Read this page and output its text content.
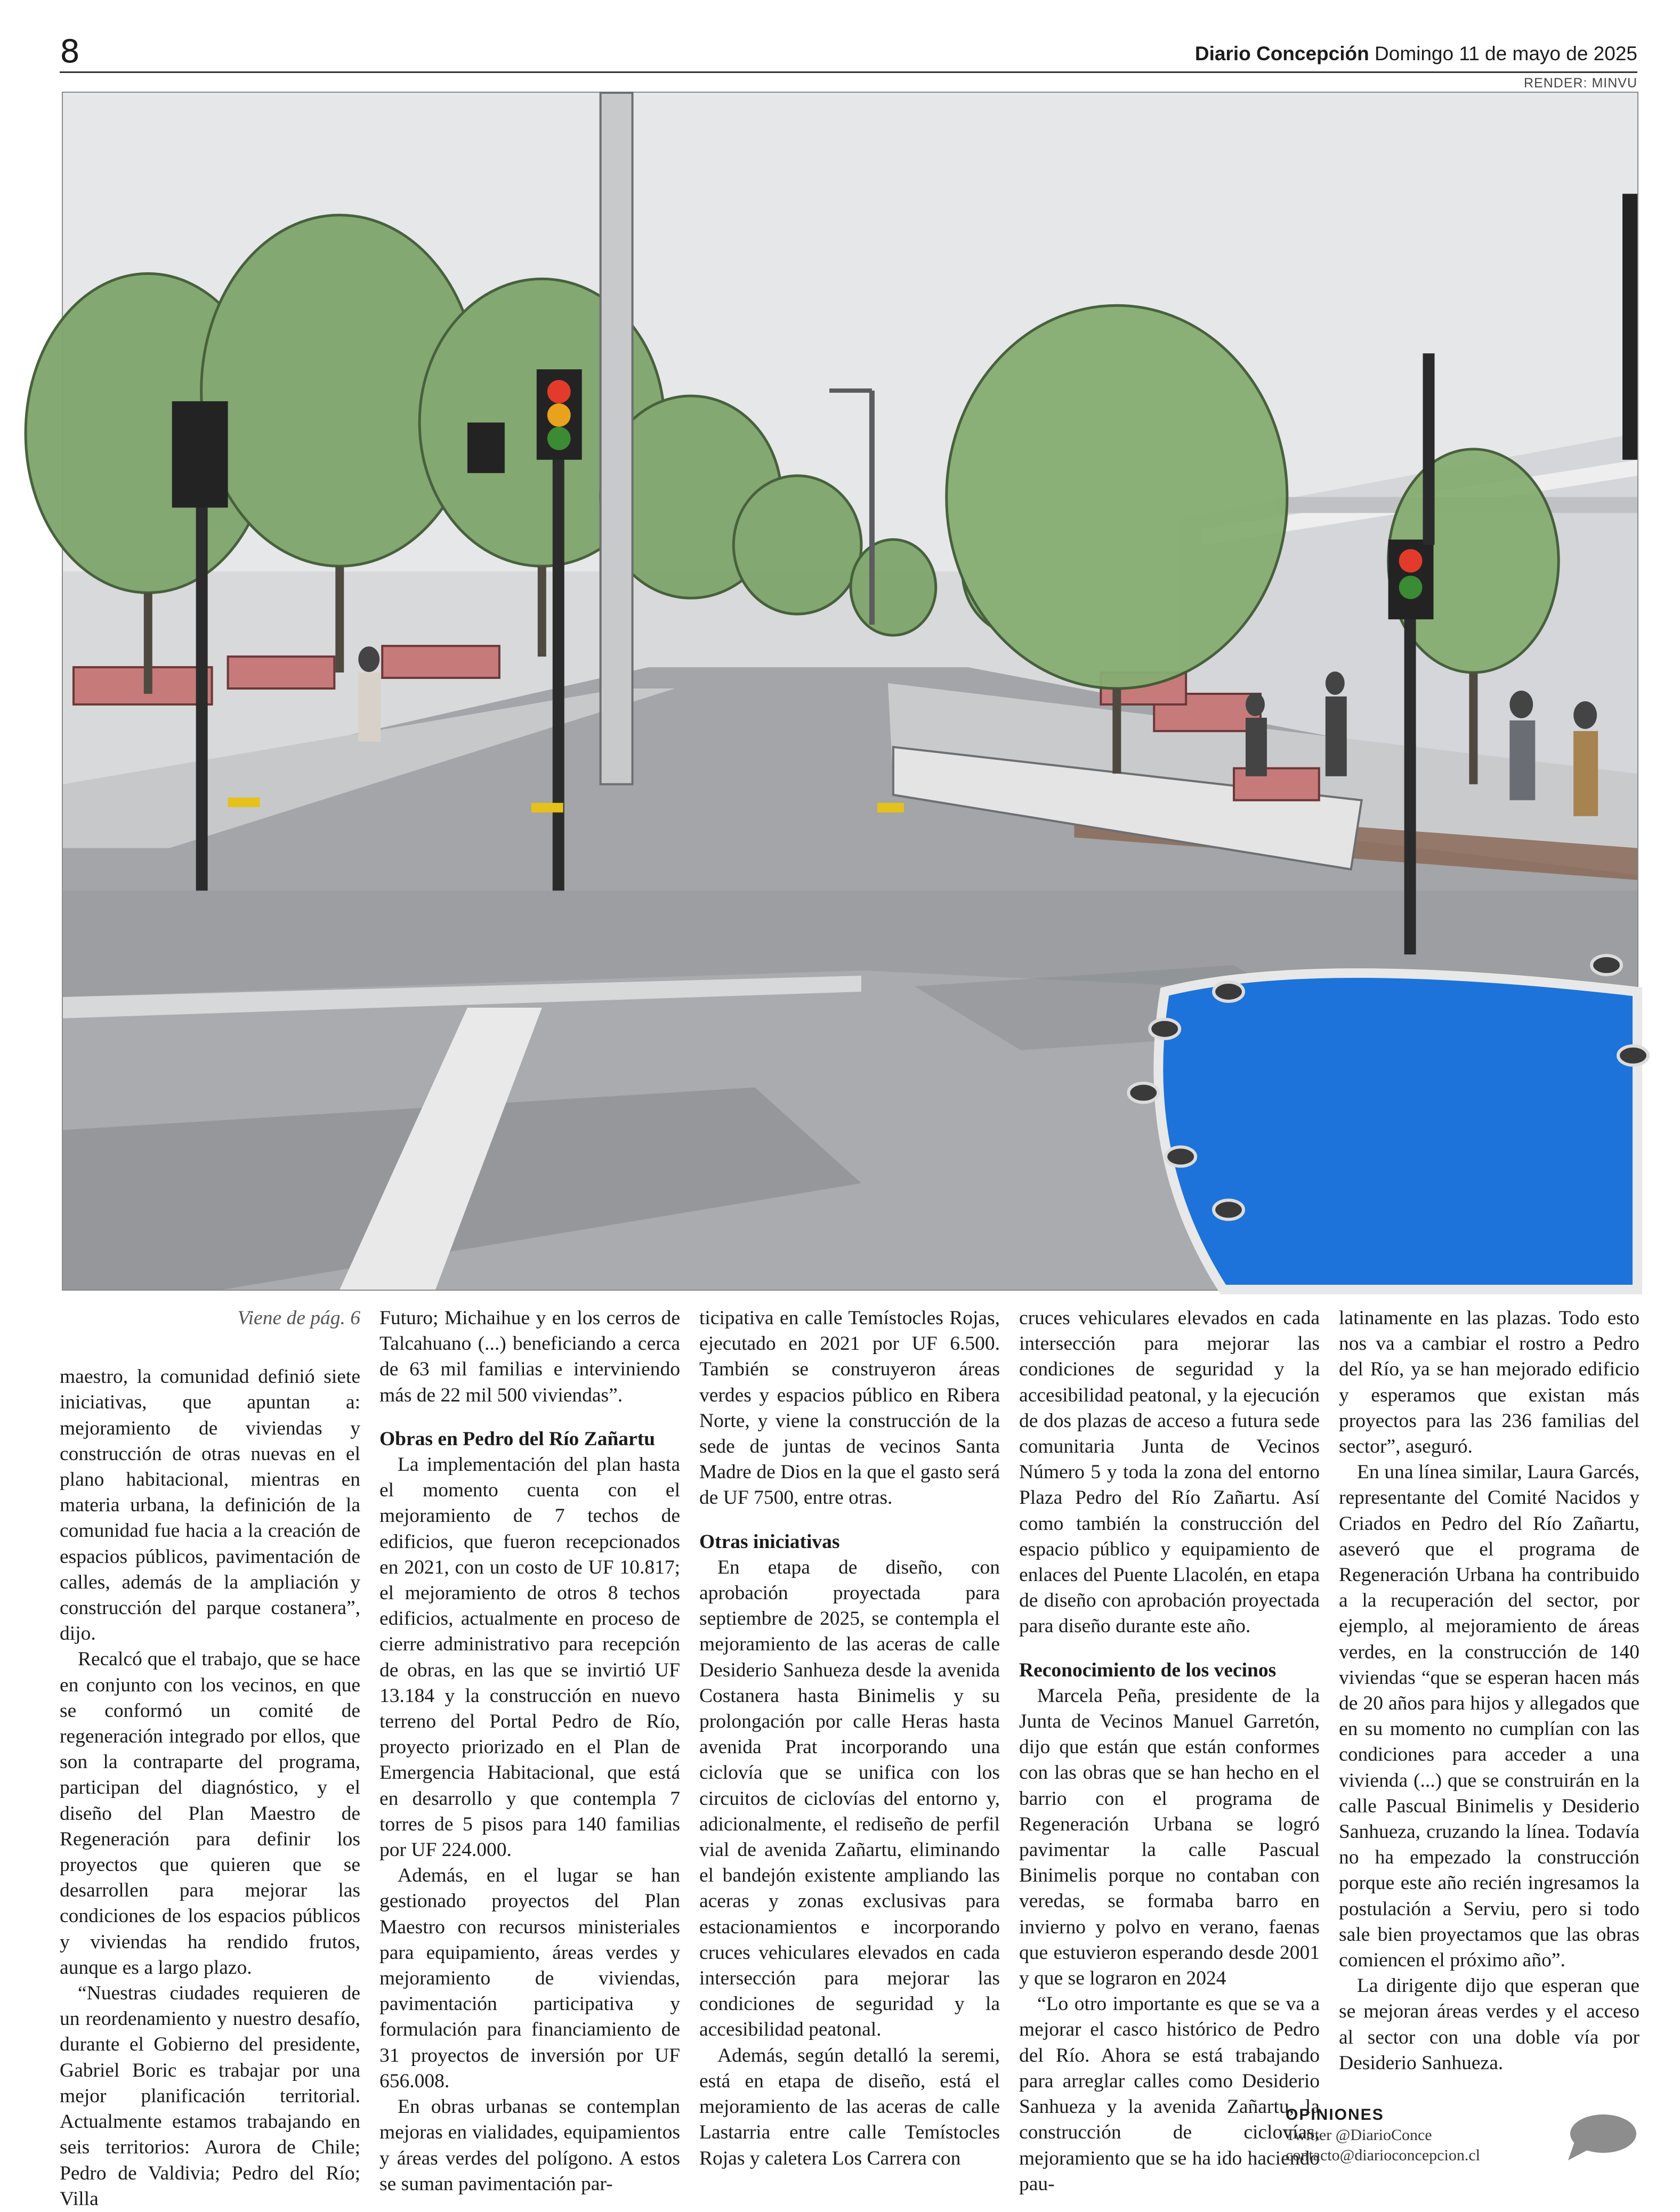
8	Diario Concepción Domingo 11 de mayo de 2025
RENDER: MINVU
Viene de pág. 6

maestro, la comunidad definió siete iniciativas, que apuntan a: mejoramiento de viviendas y construcción de otras nuevas en el plano habitacional, mientras en materia urbana, la definición de la comunidad fue hacia a la creación de espacios públicos, pavimentación de calles, además de la ampliación y construcción del parque costanera”, dijo.

Recalcó que el trabajo, que se hace en conjunto con los vecinos, en que se conformó un comité de regeneración integrado por ellos, que son la contraparte del programa, participan del diagnóstico, y el diseño del Plan Maestro de Regeneración para definir los proyectos que quieren que se desarrollen para mejorar las condiciones de los espacios públicos y viviendas ha rendido frutos, aunque es a largo plazo.

“Nuestras ciudades requieren de un reordenamiento y nuestro desafío, durante el Gobierno del presidente, Gabriel Boric es trabajar por una mejor planificación territorial. Actualmente estamos trabajando en seis territorios: Aurora de Chile; Pedro de Valdivia; Pedro del Río; Villa

Futuro; Michaihue y en los cerros de Talcahuano (...) beneficiando a cerca de 63 mil familias e interviniendo más de 22 mil 500 viviendas”.

Obras en Pedro del Río Zañartu

La implementación del plan hasta el momento cuenta con el mejoramiento de 7 techos de edificios, que fueron recepcionados en 2021, con un costo de UF 10.817; el mejoramiento de otros 8 techos edificios, actualmente en proceso de cierre administrativo para recepción de obras, en las que se invirtió UF 13.184 y la construcción en nuevo terreno del Portal Pedro de Río, proyecto priorizado en el Plan de Emergencia Habitacional, que está en desarrollo y que contempla 7 torres de 5 pisos para 140 familias por UF 224.000.

Además, en el lugar se han gestionado proyectos del Plan Maestro con recursos ministeriales para equipamiento, áreas verdes y mejoramiento de viviendas, pavimentación participativa y formulación para financiamiento de 31 proyectos de inversión por UF 656.008.

En obras urbanas se contemplan mejoras en vialidades, equipamientos y áreas verdes del polígono. A estos se suman pavimentación par-

ticipativa en calle Temístocles Rojas, ejecutado en 2021 por UF 6.500. También se construyeron áreas verdes y espacios público en Ribera Norte, y viene la construcción de la sede de juntas de vecinos Santa Madre de Dios en la que el gasto será de UF 7500, entre otras.

Otras iniciativas

En etapa de diseño, con aprobación proyectada para septiembre de 2025, se contempla el mejoramiento de las aceras de calle Desiderio Sanhueza desde la avenida Costanera hasta Binimelis y su prolongación por calle Heras hasta avenida Prat incorporando una ciclovía que se unifica con los circuitos de ciclovías del entorno y, adicionalmente, el rediseño de perfil vial de avenida Zañartu, eliminando el bandejón existente ampliando las aceras y zonas exclusivas para estacionamientos e incorporando cruces vehiculares elevados en cada intersección para mejorar las condiciones de seguridad y la accesibilidad peatonal.

Además, según detalló la seremi, está en etapa de diseño, está el mejoramiento de las aceras de calle Lastarria entre calle Temístocles Rojas y caletera Los Carrera con

cruces vehiculares elevados en cada intersección para mejorar las condiciones de seguridad y la accesibilidad peatonal, y la ejecución de dos plazas de acceso a futura sede comunitaria Junta de Vecinos Número 5 y toda la zona del entorno Plaza Pedro del Río Zañartu. Así como también la construcción del espacio público y equipamiento de enlaces del Puente Llacolén, en etapa de diseño con aprobación proyectada para diseño durante este año.

Reconocimiento de los vecinos

Marcela Peña, presidente de la Junta de Vecinos Manuel Garretón, dijo que están que están conformes con las obras que se han hecho en el barrio con el programa de Regeneración Urbana se logró pavimentar la calle Pascual Binimelis porque no contaban con veredas, se formaba barro en invierno y polvo en verano, faenas que estuvieron esperando desde 2001 y que se lograron en 2024

“Lo otro importante es que se va a mejorar el casco histórico de Pedro del Río. Ahora se está trabajando para arreglar calles como Desiderio Sanhueza y la avenida Zañartu, la construcción de ciclovías, mejoramiento que se ha ido haciendo pau-

latinamente en las plazas. Todo esto nos va a cambiar el rostro a Pedro del Río, ya se han mejorado edificio y esperamos que existan más proyectos para las 236 familias del sector”, aseguró.

En una línea similar, Laura Garcés, representante del Comité Nacidos y Criados en Pedro del Río Zañartu, aseveró que el programa de Regeneración Urbana ha contribuido a la recuperación del sector, por ejemplo, al mejoramiento de áreas verdes, en la construcción de 140 viviendas “que se esperan hacen más de 20 años para hijos y allegados que en su momento no cumplían con las condiciones para acceder a una vivienda (...) que se construirán en la calle Pascual Binimelis y Desiderio Sanhueza, cruzando la línea. Todavía no ha empezado la construcción porque este año recién ingresamos la postulación a Serviu, pero si todo sale bien proyectamos que las obras comiencen el próximo año”.

La dirigente dijo que esperan que se mejoran áreas verdes y el acceso al sector con una doble vía por Desiderio Sanhueza.

OPINIONES
Twitter @DiarioConce
contacto@diarioconcepcion.cl
